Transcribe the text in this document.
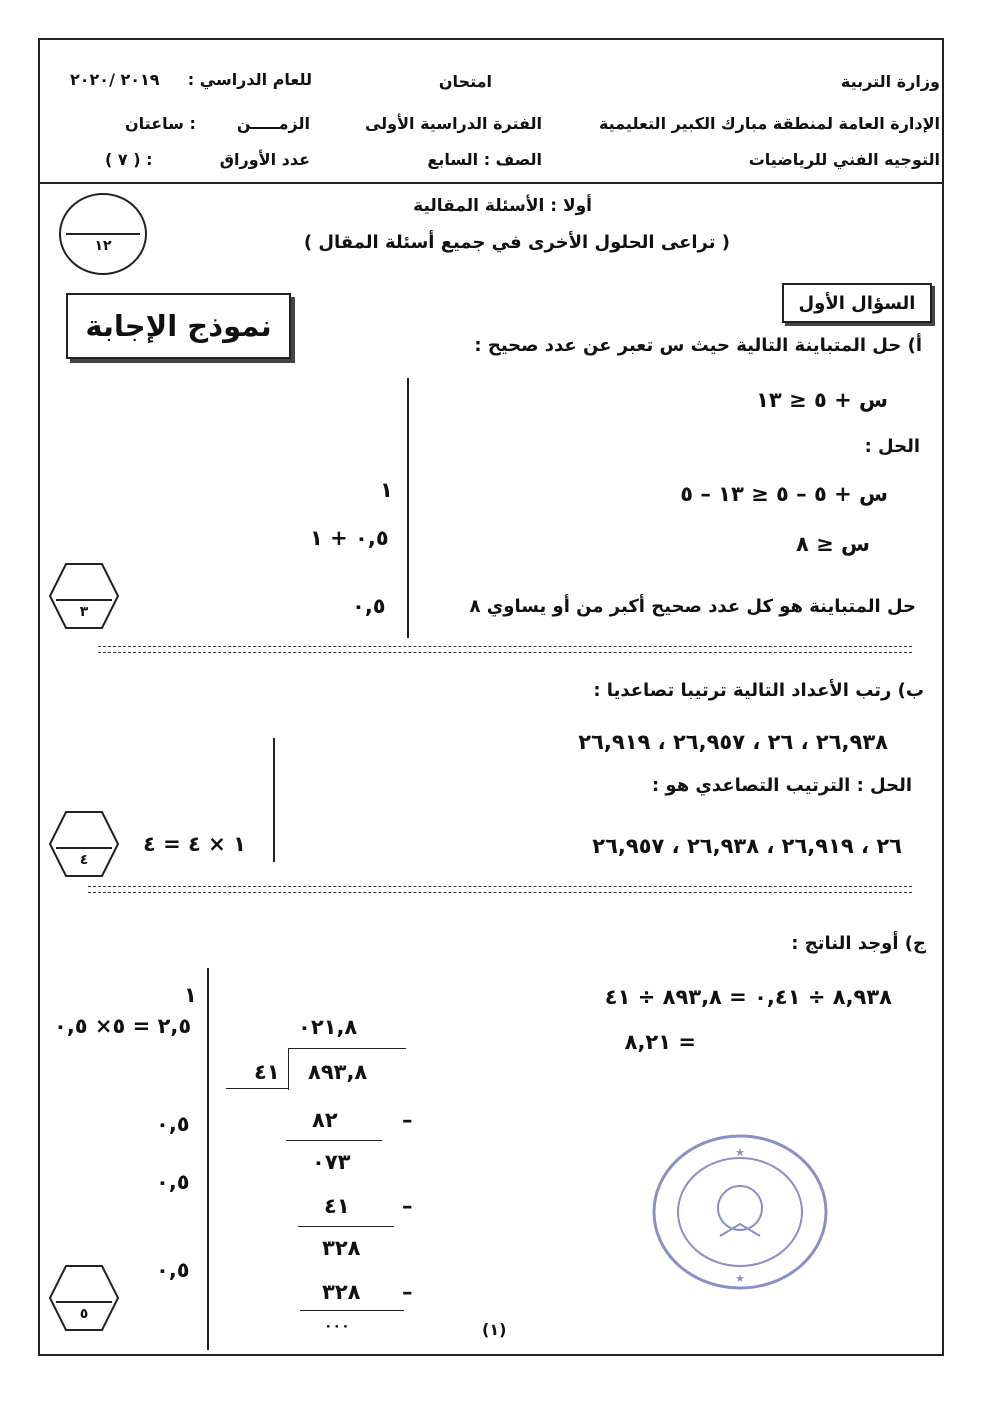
وزارة التربية
الإدارة العامة لمنطقة مبارك الكبير التعليمية
التوجيه الفني للرياضيات
امتحان
الفترة الدراسية الأولى
الصف : السابع
للعام الدراسي :
٢٠١٩ /٢٠٢٠
الزمـــــن
: ساعتان
عدد الأوراق
: ( ٧ )
أولا : الأسئلة المقالية
( تراعى الحلول الأخرى في جميع أسئلة المقال )
١٢
نموذج الإجابة
السؤال الأول
أ) حل المتباينة التالية حيث س تعبر عن عدد صحيح :
س + ٥ ≤ ١٣
الحل :
س + ٥ – ٥ ≤ ١٣ – ٥
س ≤ ٨
حل المتباينة هو كل عدد صحيح أكبر من أو يساوي ٨
١
٠,٥ + ١
٠,٥
٣
ب) رتب الأعداد التالية ترتيبا تصاعديا :
٢٦,٩٣٨ ، ٢٦ ، ٢٦,٩٥٧ ، ٢٦,٩١٩
الحل : الترتيب التصاعدي هو :
٢٦ ، ٢٦,٩١٩ ، ٢٦,٩٣٨ ، ٢٦,٩٥٧
١ × ٤ = ٤
٤
ج) أوجد الناتج :
٨,٩٣٨ ÷ ٠,٤١ = ٨٩٣,٨ ÷ ٤١
= ٨,٢١
٠٢١,٨
٨٩٣,٨
٤١
٨٢	–
٠٧٣
٤١ –
٣٢٨
٣٢٨ –
٠٠٠
١
٢,٥ = ٥× ٠,٥
٠,٥
٠,٥
٠,٥
٥
★
★
(١)
